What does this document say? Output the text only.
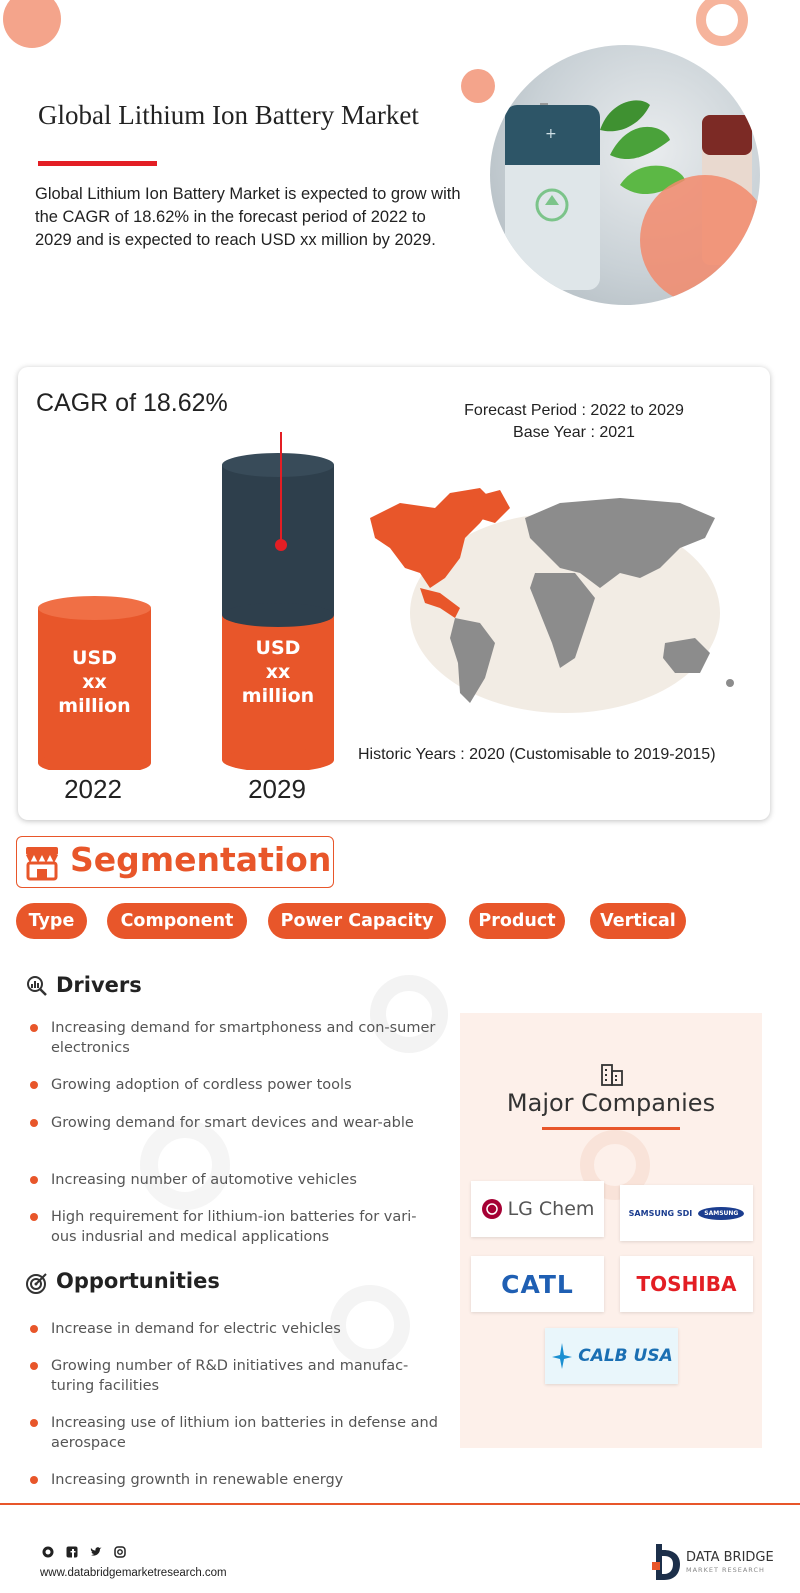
Global Lithium Ion Battery Market
Global Lithium Ion Battery Market is expected to grow with the CAGR of 18.62% in the forecast period of 2022 to 2029 and is expected to reach USD xx million by 2029.
+
CAGR of 18.62%	Forecast Period : 2022 to 2029
Base Year : 2021
USD
xx
million
USD
xx
million
2022	2029
Historic Years : 2020 (Customisable to 2019-2015)
Segmentation
Type	Component	Power Capacity	Product	Vertical
Drivers
Increasing demand for smartphoness and con-sumer electronics
Growing adoption of cordless power tools
Growing demand for smart devices and wear-able
Increasing number of automotive vehicles
High requirement for lithium-ion batteries for vari-ous indusrial and medical applications
Opportunities
Increase in demand for electric vehicles
Growing number of R&D initiatives and manufac-turing facilities
Increasing use of lithium ion batteries in defense and aerospace
Increasing grownth in renewable energy
Major Companies
LG Chem	SAMSUNG SDI	SAMSUNG
CATL	TOSHIBA
CALB USA
www.databridgemarketresearch.com
DATA BRIDGE
MARKET RESEARCH
